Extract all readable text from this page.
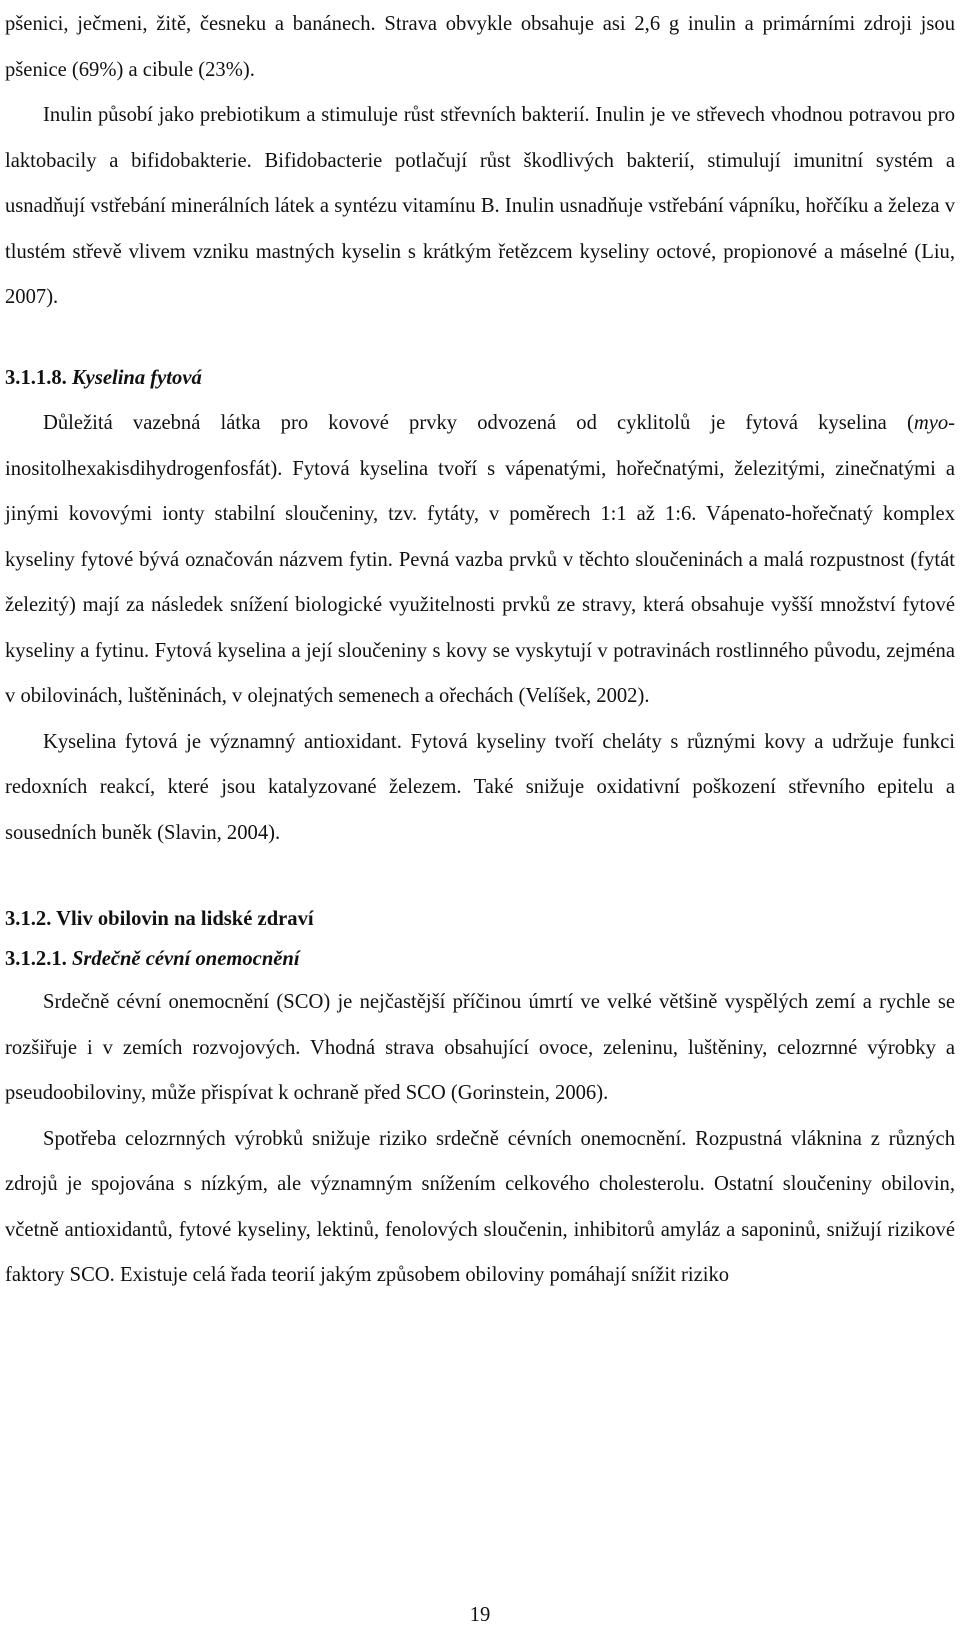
pšenici, ječmeni, žitě, česneku a banánech. Strava obvykle obsahuje asi 2,6 g inulin a primárními zdroji jsou pšenice (69%) a cibule (23%).

Inulin působí jako prebiotikum a stimuluje růst střevních bakterií. Inulin je ve střevech vhodnou potravou pro laktobacily a bifidobakterie. Bifidobacterie potlačují růst škodlivých bakterií, stimulují imunitní systém a usnadňují vstřebání minerálních látek a syntézu vitamínu B. Inulin usnadňuje vstřebání vápníku, hořčíku a železa v tlustém střevě vlivem vzniku mastných kyselin s krátkým řetězcem kyseliny octové, propionové a máselné (Liu, 2007).

3.1.1.8. Kyselina fytová

Důležitá vazebná látka pro kovové prvky odvozená od cyklitolů je fytová kyselina (myo-inositolhexakisdihydrogenfosfát). Fytová kyselina tvoří s vápenatými, hořečnatými, železitými, zinečnatými a jinými kovovými ionty stabilní sloučeniny, tzv. fytáty, v poměrech 1:1 až 1:6. Vápenato-hořečnatý komplex kyseliny fytové bývá označován názvem fytin. Pevná vazba prvků v těchto sloučeninách a malá rozpustnost (fytát železitý) mají za následek snížení biologické využitelnosti prvků ze stravy, která obsahuje vyšší množství fytové kyseliny a fytinu. Fytová kyselina a její sloučeniny s kovy se vyskytují v potravinách rostlinného původu, zejména v obilovinách, luštěninách, v olejnatých semenech a ořechách (Velíšek, 2002).

Kyselina fytová je významný antioxidant. Fytová kyseliny tvoří cheláty s různými kovy a udržuje funkci redoxních reakcí, které jsou katalyzované železem. Také snižuje oxidativní poškození střevního epitelu a sousedních buněk (Slavin, 2004).

3.1.2. Vliv obilovin na lidské zdraví
3.1.2.1. Srdečně cévní onemocnění

Srdečně cévní onemocnění (SCO) je nejčastější příčinou úmrtí ve velké většině vyspělých zemí a rychle se rozšiřuje i v zemích rozvojových. Vhodná strava obsahující ovoce, zeleninu, luštěniny, celozrnné výrobky a pseudoobiloviny, může přispívat k ochraně před SCO (Gorinstein, 2006).

Spotřeba celozrnných výrobků snižuje riziko srdečně cévních onemocnění. Rozpustná vláknina z různých zdrojů je spojována s nízkým, ale významným snížením celkového cholesterolu. Ostatní sloučeniny obilovin, včetně antioxidantů, fytové kyseliny, lektinů, fenolových sloučenin, inhibitorů amyláz a saponinů, snižují rizikové faktory SCO. Existuje celá řada teorií jakým způsobem obiloviny pomáhají snížit riziko

19
